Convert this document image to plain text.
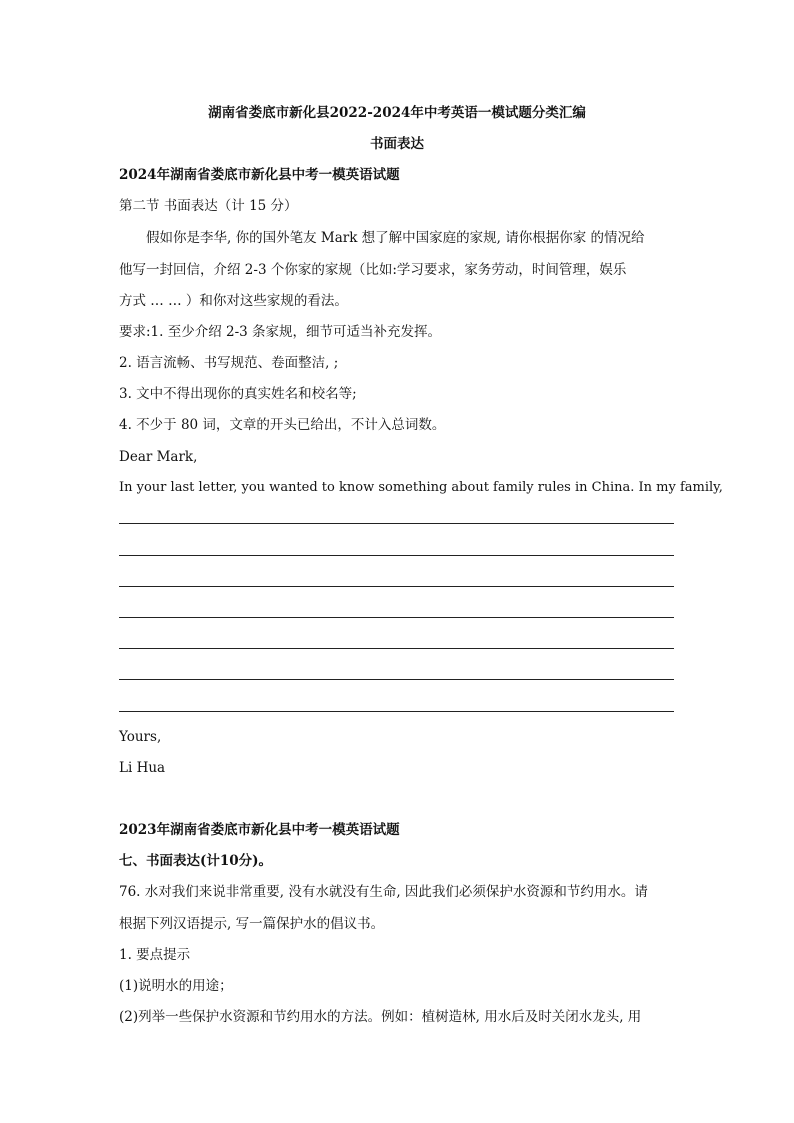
湖南省娄底市新化县2022-2024年中考英语一模试题分类汇编
书面表达
2024年湖南省娄底市新化县中考一模英语试题
第二节 书面表达（计 15 分）
假如你是李华, 你的国外笔友 Mark 想了解中国家庭的家规, 请你根据你家 的情况给
他写一封回信，介绍 2-3 个你家的家规（比如:学习要求，家务劳动，时间管理，娱乐
方式 … … ）和你对这些家规的看法。
要求:1. 至少介绍 2-3 条家规，细节可适当补充发挥。
2. 语言流畅、书写规范、卷面整洁, ;
3. 文中不得出现你的真实姓名和校名等;
4. 不少于 80 词，文章的开头已给出，不计入总词数。
Dear Mark,
In your last letter, you wanted to know something about family rules in China. In my family,
Yours,
Li Hua
2023年湖南省娄底市新化县中考一模英语试题
七、书面表达(计10分)。
76. 水对我们来说非常重要, 没有水就没有生命, 因此我们必须保护水资源和节约用水。请
根据下列汉语提示, 写一篇保护水的倡议书。
1. 要点提示
(1)说明水的用途；
(2)列举一些保护水资源和节约用水的方法。例如：植树造林, 用水后及时关闭水龙头, 用
